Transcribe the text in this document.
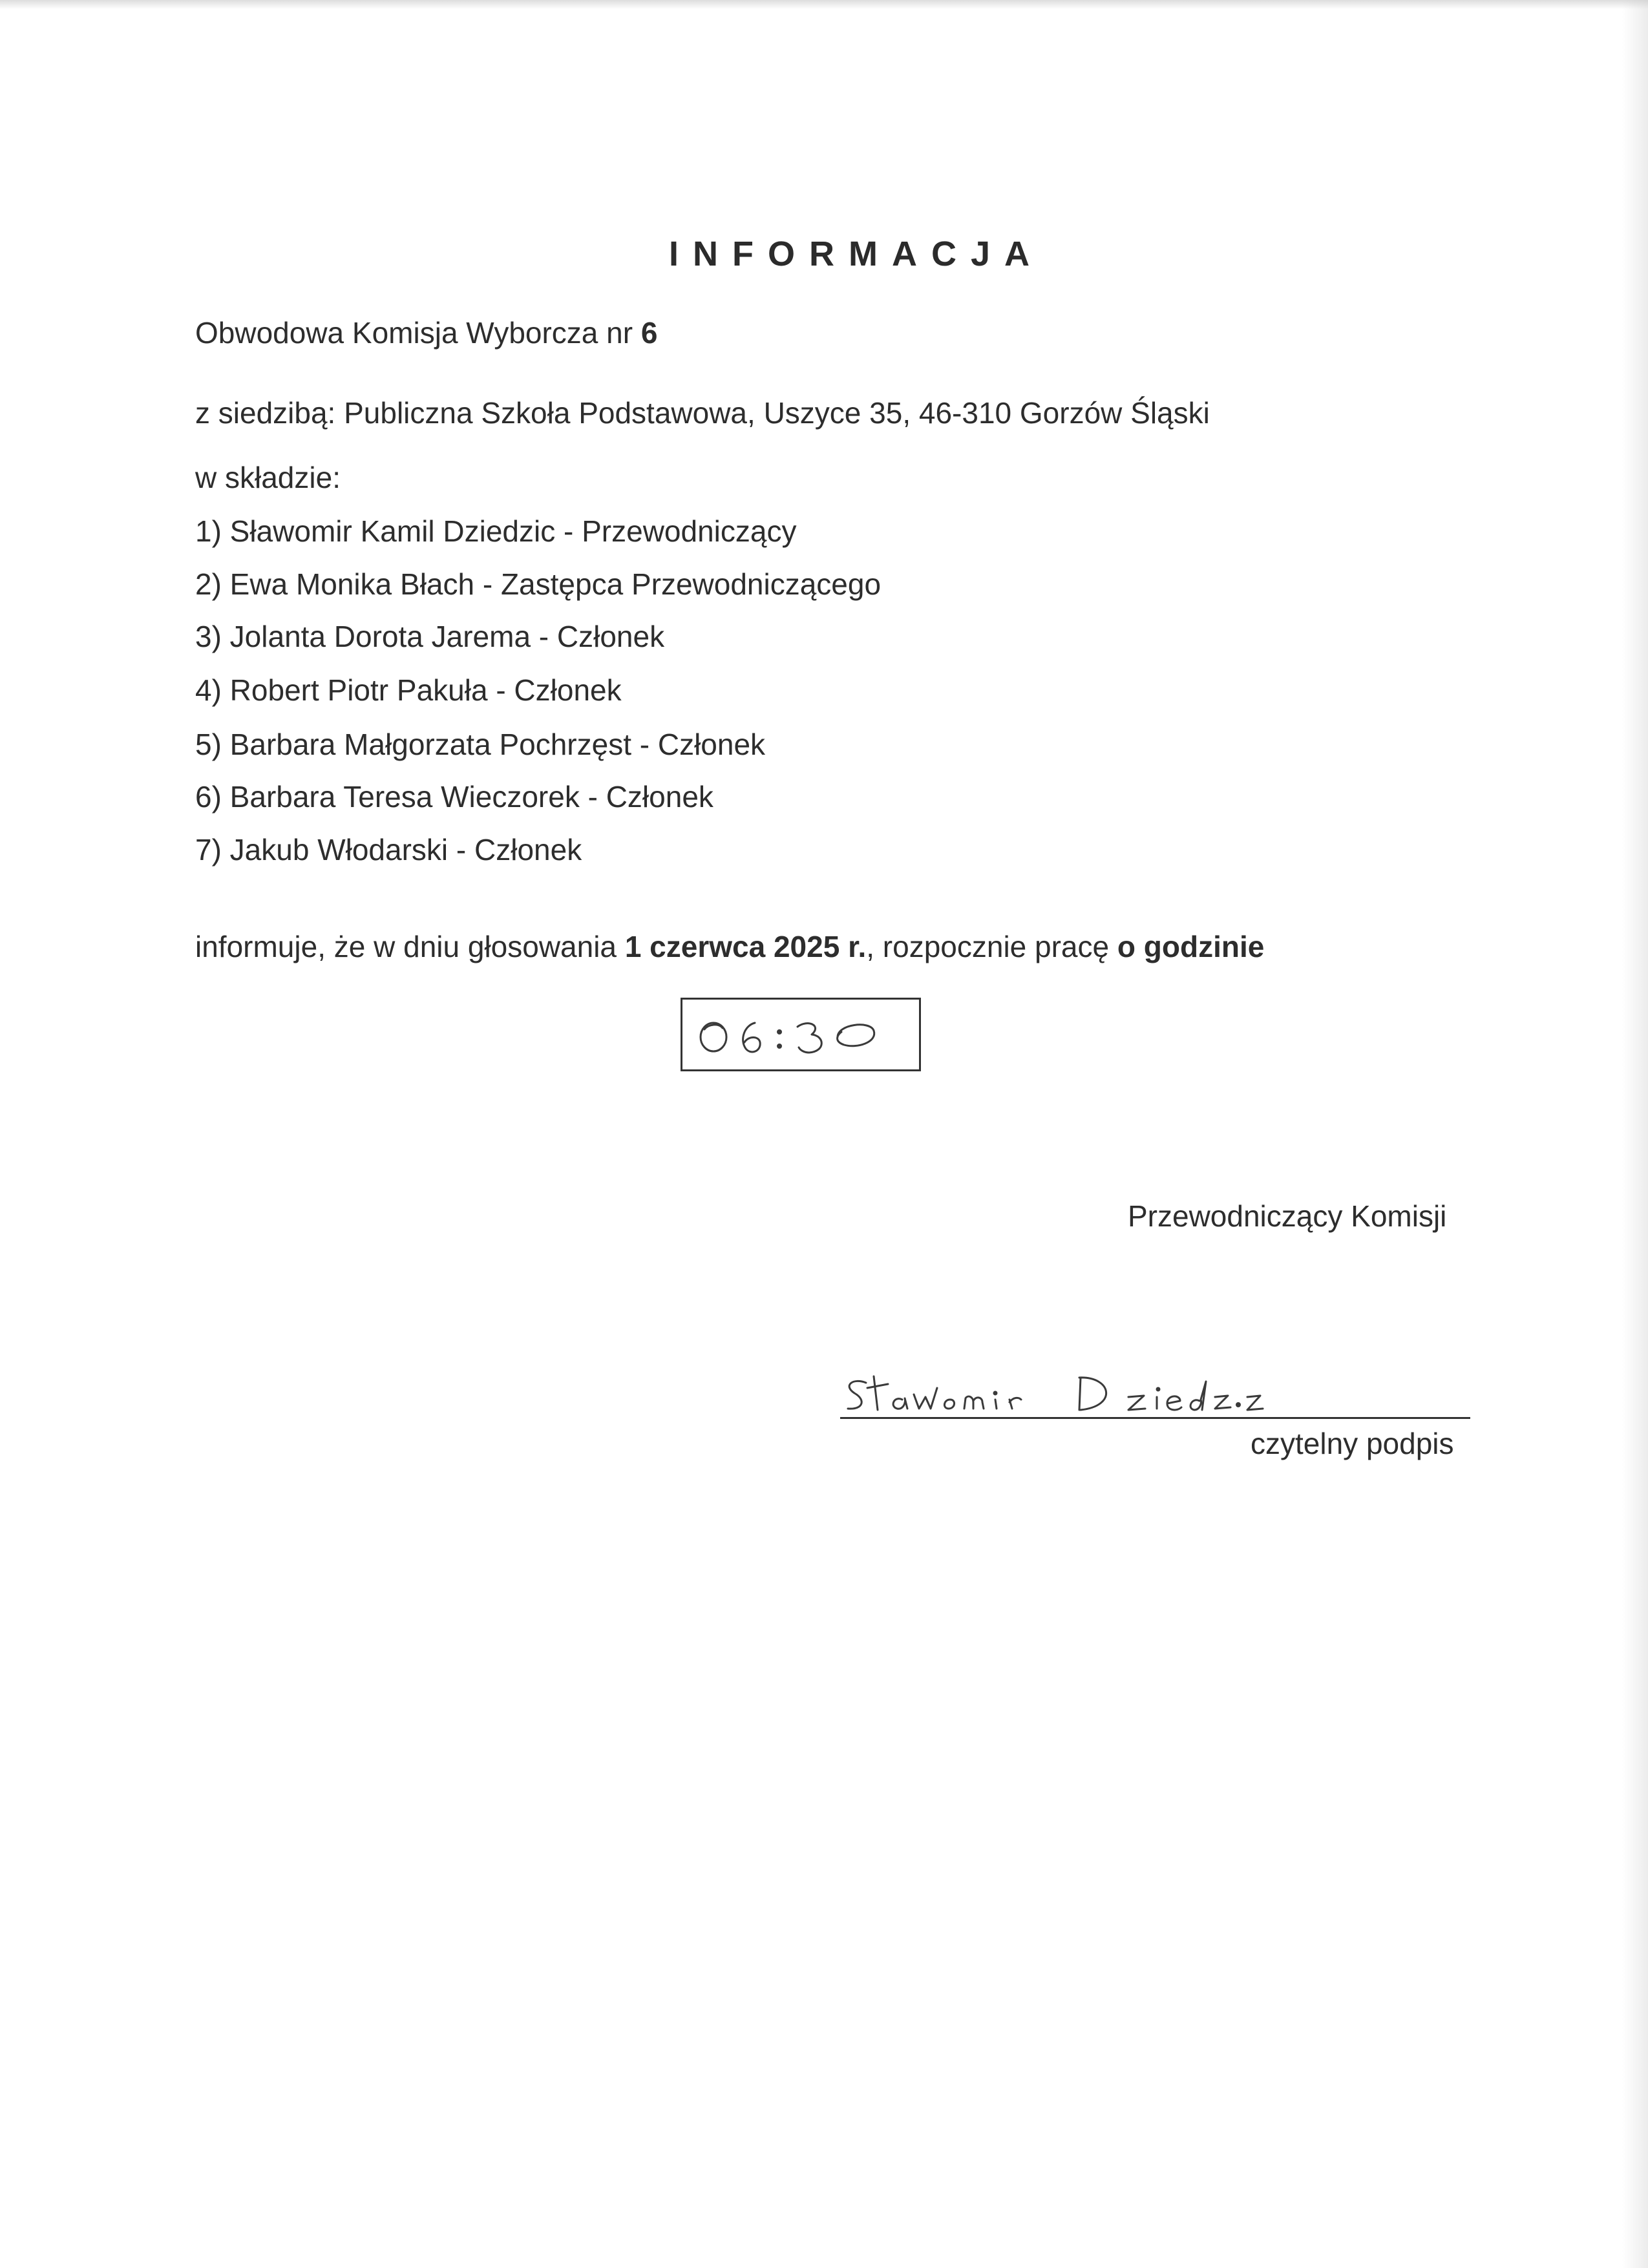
INFORMACJA
Obwodowa Komisja Wyborcza nr 6
z siedzibą: Publiczna Szkoła Podstawowa, Uszyce 35, 46-310 Gorzów Śląski
w składzie:
1) Sławomir Kamil Dziedzic - Przewodniczący
2) Ewa Monika Błach - Zastępca Przewodniczącego
3) Jolanta Dorota Jarema - Członek
4) Robert Piotr Pakuła - Członek
5) Barbara Małgorzata Pochrzęst - Członek
6) Barbara Teresa Wieczorek - Członek
7) Jakub Włodarski - Członek
informuje, że w dniu głosowania 1 czerwca 2025 r., rozpocznie pracę o godzinie
Przewodniczący Komisji
czytelny podpis
